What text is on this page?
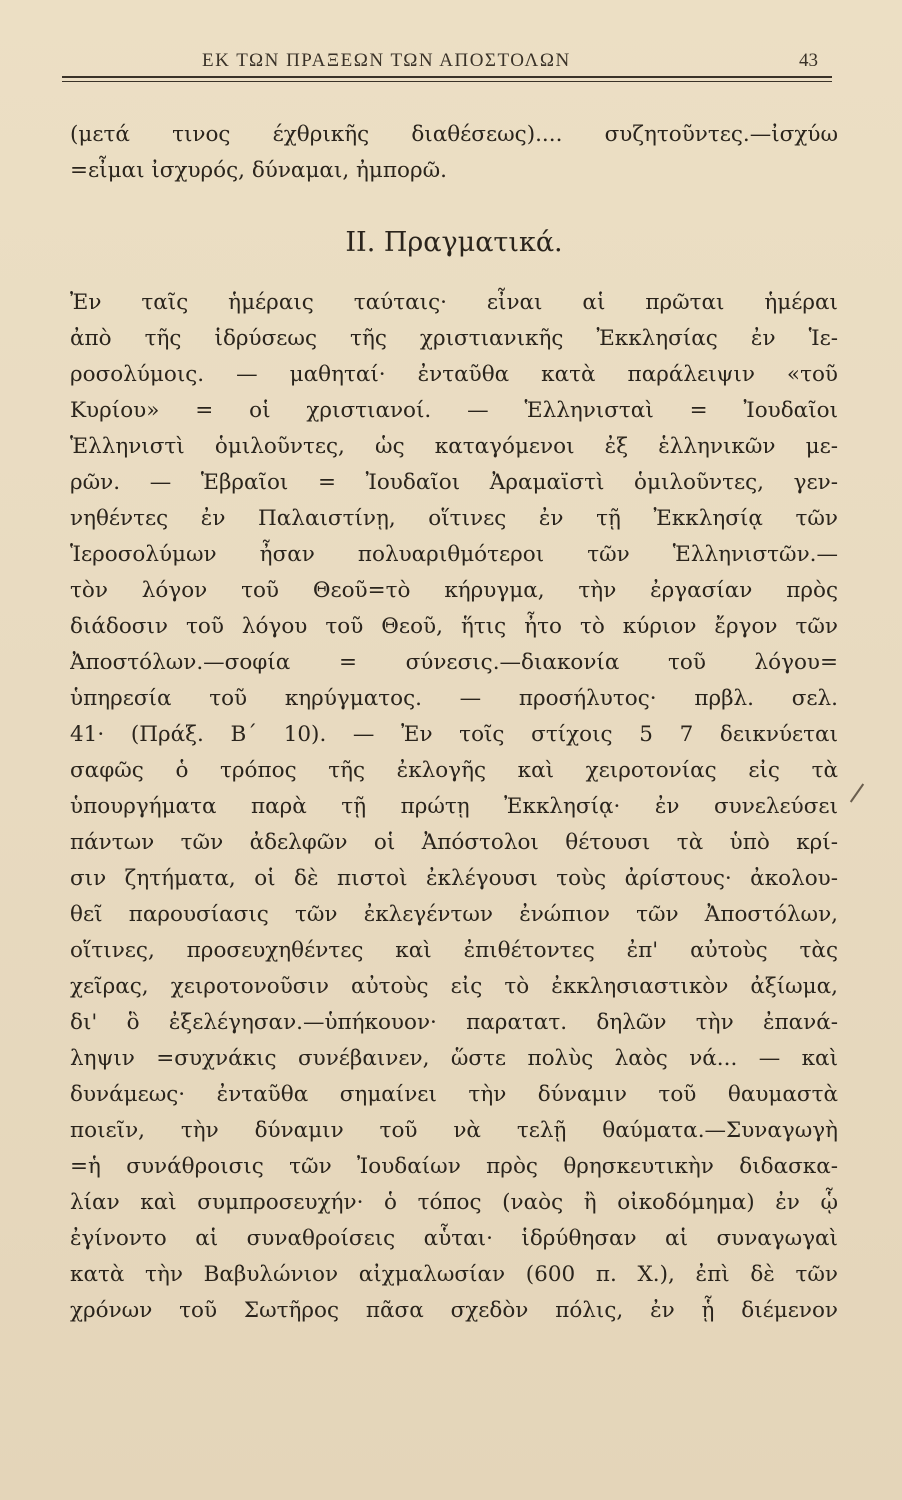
ΕΚ ΤΩΝ ΠΡΑΞΕΩΝ ΤΩΝ ΑΠΟΣΤΟΛΩΝ	43
(μετά τινος έχθρικῆς διαθέσεως).... συζητοῦντες.—ἰσχύω
=εἶμαι ἰσχυρός, δύναμαι, ἠμπορῶ.
ΙΙ. Πραγματικά.
Ἐν ταῖς ἡμέραις ταύταις· εἶναι αἱ πρῶται ἡμέραι
ἀπὸ τῆς ἱδρύσεως τῆς χριστιανικῆς Ἐκκλησίας ἐν Ἱε-
ροσολύμοις. — μαθηταί· ἐνταῦθα κατὰ παράλειψιν «τοῦ
Κυρίου» = οἱ χριστιανοί. — Ἑλληνισταὶ = Ἰουδαῖοι
Ἑλληνιστὶ ὁμιλοῦντες, ὡς καταγόμενοι ἐξ ἑλληνικῶν με-
ρῶν. — Ἑβραῖοι = Ἰουδαῖοι Ἀραμαϊστὶ ὁμιλοῦντες, γεν-
νηθέντες ἐν Παλαιστίνῃ, οἵτινες ἐν τῇ Ἐκκλησίᾳ τῶν
Ἱεροσολύμων ἦσαν πολυαριθμότεροι τῶν Ἑλληνιστῶν.—
τὸν λόγον τοῦ Θεοῦ=τὸ κήρυγμα, τὴν ἐργασίαν πρὸς
διάδοσιν τοῦ λόγου τοῦ Θεοῦ, ἥτις ἦτο τὸ κύριον ἔργον τῶν
Ἀποστόλων.—σοφία = σύνεσις.—διακονία τοῦ λόγου=
ὑπηρεσία τοῦ κηρύγματος. — προσήλυτος· πρβλ. σελ.
41· (Πράξ. Β΄ 10). — Ἐν τοῖς στίχοις 5 7 δεικνύεται
σαφῶς ὁ τρόπος τῆς ἐκλογῆς καὶ χειροτονίας εἰς τὰ
ὑπουργήματα παρὰ τῇ πρώτῃ Ἐκκλησίᾳ· ἐν συνελεύσει
πάντων τῶν ἀδελφῶν οἱ Ἀπόστολοι θέτουσι τὰ ὑπὸ κρί-
σιν ζητήματα, οἱ δὲ πιστοὶ ἐκλέγουσι τοὺς ἀρίστους· ἀκολου-
θεῖ παρουσίασις τῶν ἐκλεγέντων ἐνώπιον τῶν Ἀποστόλων,
οἵτινες, προσευχηθέντες καὶ ἐπιθέτοντες ἐπ' αὐτοὺς τὰς
χεῖρας, χειροτονοῦσιν αὐτοὺς εἰς τὸ ἐκκλησιαστικὸν ἀξίωμα,
δι' ὃ ἐξελέγησαν.—ὑπήκουον· παρατατ. δηλῶν τὴν ἐπανά-
ληψιν =συχνάκις συνέβαινεν, ὥστε πολὺς λαὸς νά... — καὶ
δυνάμεως· ἐνταῦθα σημαίνει τὴν δύναμιν τοῦ θαυμαστὰ
ποιεῖν, τὴν δύναμιν τοῦ νὰ τελῇ θαύματα.—Συναγωγὴ
=ἡ συνάθροισις τῶν Ἰουδαίων πρὸς θρησκευτικὴν διδασκα-
λίαν καὶ συμπροσευχήν· ὁ τόπος (ναὸς ἢ οἰκοδόμημα) ἐν ᾧ
ἐγίνοντο αἱ συναθροίσεις αὗται· ἱδρύθησαν αἱ συναγωγαὶ
κατὰ τὴν Βαβυλώνιον αἰχμαλωσίαν (600 π. Χ.), ἐπὶ δὲ τῶν
χρόνων τοῦ Σωτῆρος πᾶσα σχεδὸν πόλις, ἐν ᾗ διέμενον
